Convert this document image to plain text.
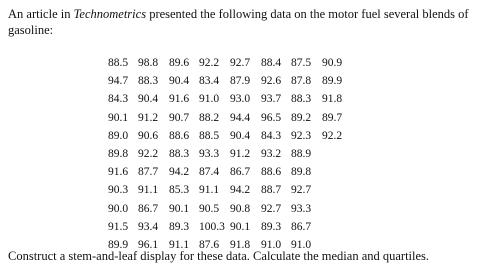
An article in Technometrics presented the following data on the motor fuel several blends of gasoline:

88.5	98.8	89.6	92.2	92.7	88.4	87.5	90.9
94.7	88.3	90.4	83.4	87.9	92.6	87.8	89.9
84.3	90.4	91.6	91.0	93.0	93.7	88.3	91.8
90.1	91.2	90.7	88.2	94.4	96.5	89.2	89.7
89.0	90.6	88.6	88.5	90.4	84.3	92.3	92.2
89.8	92.2	88.3	93.3	91.2	93.2	88.9	
91.6	87.7	94.2	87.4	86.7	88.6	89.8	
90.3	91.1	85.3	91.1	94.2	88.7	92.7	
90.0	86.7	90.1	90.5	90.8	92.7	93.3	
91.5	93.4	89.3	100.3	90.1	89.3	86.7	
89.9	96.1	91.1	87.6	91.8	91.0	91.0	

Construct a stem-and-leaf display for these data. Calculate the median and quartiles.
